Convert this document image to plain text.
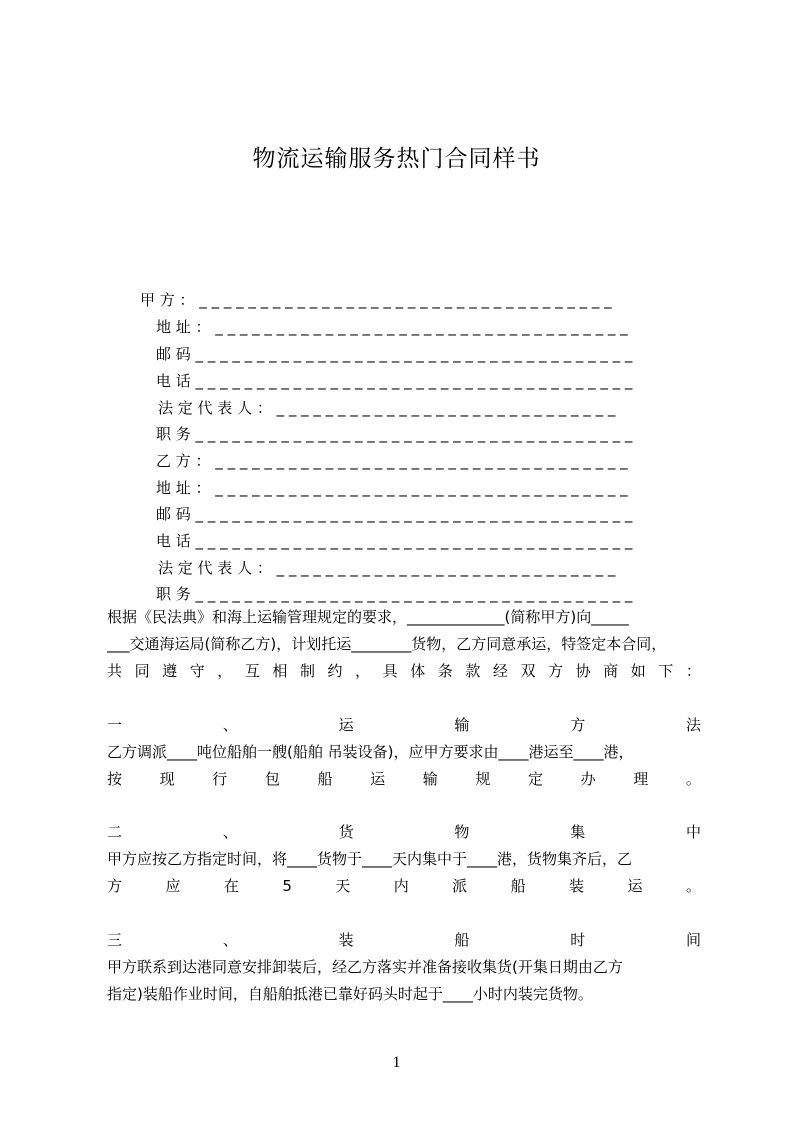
物流运输服务热门合同样书
甲 方 ： _ _ _ _ _ _ _ _ _ _ _ _ _ _ _ _ _ _ _ _ _ _ _ _ _ _ _ _ _ _ _ _ _ _
地 址 ： _ _ _ _ _ _ _ _ _ _ _ _ _ _ _ _ _ _ _ _ _ _ _ _ _ _ _ _ _ _ _ _ _ _
邮 码 _ _ _ _ _ _ _ _ _ _ _ _ _ _ _ _ _ _ _ _ _ _ _ _ _ _ _ _ _ _ _ _ _ _ _ _
电 话 _ _ _ _ _ _ _ _ _ _ _ _ _ _ _ _ _ _ _ _ _ _ _ _ _ _ _ _ _ _ _ _ _ _ _ _
法 定 代 表 人 ： _ _ _ _ _ _ _ _ _ _ _ _ _ _ _ _ _ _ _ _ _ _ _ _ _ _ _ _
职 务 _ _ _ _ _ _ _ _ _ _ _ _ _ _ _ _ _ _ _ _ _ _ _ _ _ _ _ _ _ _ _ _ _ _ _ _
乙 方 ： _ _ _ _ _ _ _ _ _ _ _ _ _ _ _ _ _ _ _ _ _ _ _ _ _ _ _ _ _ _ _ _ _ _
地 址 ： _ _ _ _ _ _ _ _ _ _ _ _ _ _ _ _ _ _ _ _ _ _ _ _ _ _ _ _ _ _ _ _ _ _
邮 码 _ _ _ _ _ _ _ _ _ _ _ _ _ _ _ _ _ _ _ _ _ _ _ _ _ _ _ _ _ _ _ _ _ _ _ _
电 话 _ _ _ _ _ _ _ _ _ _ _ _ _ _ _ _ _ _ _ _ _ _ _ _ _ _ _ _ _ _ _ _ _ _ _ _
法 定 代 表 人 ： _ _ _ _ _ _ _ _ _ _ _ _ _ _ _ _ _ _ _ _ _ _ _ _ _ _ _ _
职 务 _ _ _ _ _ _ _ _ _ _ _ _ _ _ _ _ _ _ _ _ _ _ _ _ _ _ _ _ _ _ _ _ _ _ _ _
根据《民法典》和海上运输管理规定的要求，_____________(简称甲方)向_____
___交通海运局(简称乙方)，计划托运________货物，乙方同意承运，特签定本合同，
共 同 遵 守 ， 互 相 制 约 ， 具 体 条 款 经 双 方 协 商 如 下 ：
一	、	运	输	方	法
乙方调派____吨位船舶一艘(船舶 吊装设备)，应甲方要求由____港运至____港，
按	现	行	包	船	运	输	规	定	办	理	。
二	、	货	物	集	中
甲方应按乙方指定时间，将____货物于____天内集中于____港，货物集齐后，乙
方	应	在	5	天	内	派	船	装	运	。
三	、	装	船	时	间
甲方联系到达港同意安排卸装后，经乙方落实并准备接收集货(开集日期由乙方
指定)装船作业时间，自船舶抵港已靠好码头时起于____小时内装完货物。
1
